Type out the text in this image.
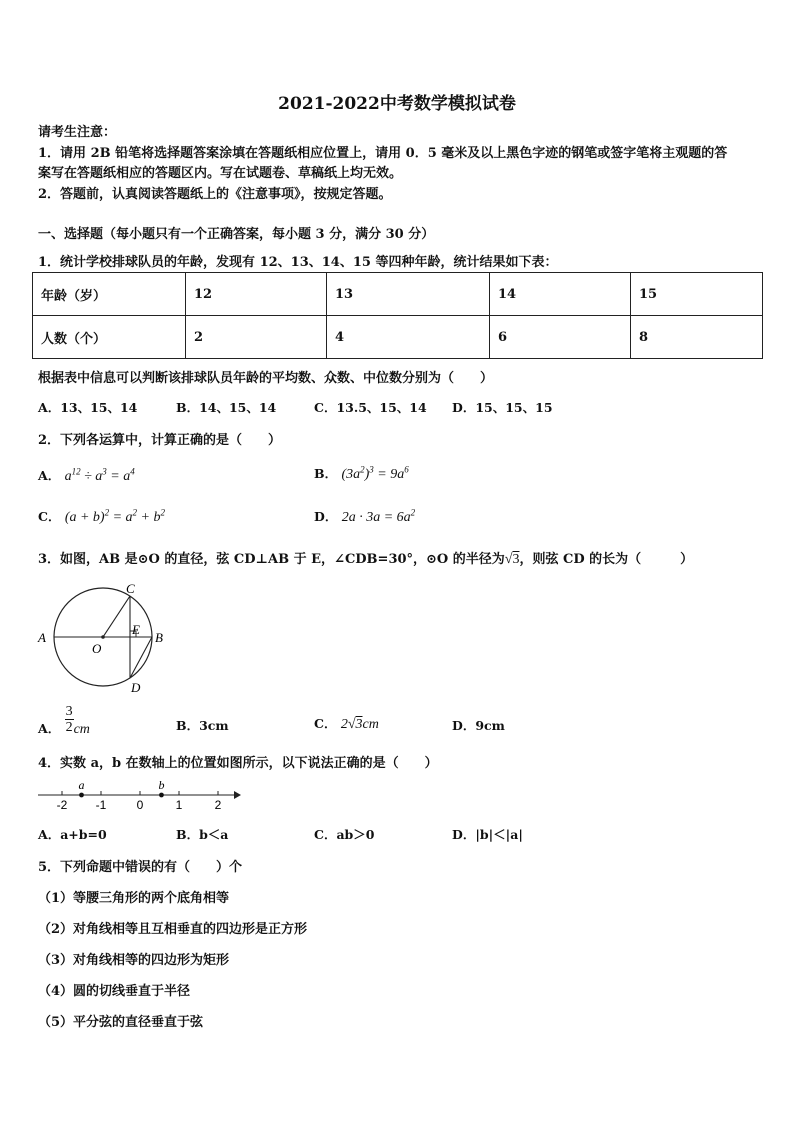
2021-2022中考数学模拟试卷
请考生注意：
1．请用 2B 铅笔将选择题答案涂填在答题纸相应位置上，请用 0．5 毫米及以上黑色字迹的钢笔或签字笔将主观题的答
案写在答题纸相应的答题区内。写在试题卷、草稿纸上均无效。
2．答题前，认真阅读答题纸上的《注意事项》，按规定答题。
一、选择题（每小题只有一个正确答案，每小题 3 分，满分 30 分）
1．统计学校排球队员的年龄，发现有 12、13、14、15 等四种年龄，统计结果如下表：
年龄（岁）	12	13	14	15
人数（个）	2	4	6	8
根据表中信息可以判断该排球队员年龄的平均数、众数、中位数分别为（　　）
A．13、15、14	B．14、15、14	C．13.5、15、14 D．15、15、15
2．下列各运算中，计算正确的是（　　）
A． $a^{12} \div a^3 = a^4$	B． $(3a^2)^3 = 9a^6$
C． $(a + b)^2 = a^2 + b^2$	D． $2a \cdot 3a = 6a^2$
3．如图，AB 是⊙O 的直径，弦 CD⊥AB 于 E，∠CDB=30°，⊙O 的半径为√3，则弦 CD 的长为（　　　）
A	B
C
D
E
O
A． $\frac{3}{2}$ cm	B．3cm	C． 2√3cm	D．9cm
4．实数 a，b 在数轴上的位置如图所示，以下说法正确的是（　　）
-2 -1	0	1	2
a	b
A．a+b=0	B．b＜a	C．ab＞0	D．|b|＜|a|
5．下列命题中错误的有（　　）个
（1）等腰三角形的两个底角相等
（2）对角线相等且互相垂直的四边形是正方形
（3）对角线相等的四边形为矩形
（4）圆的切线垂直于半径
（5）平分弦的直径垂直于弦
